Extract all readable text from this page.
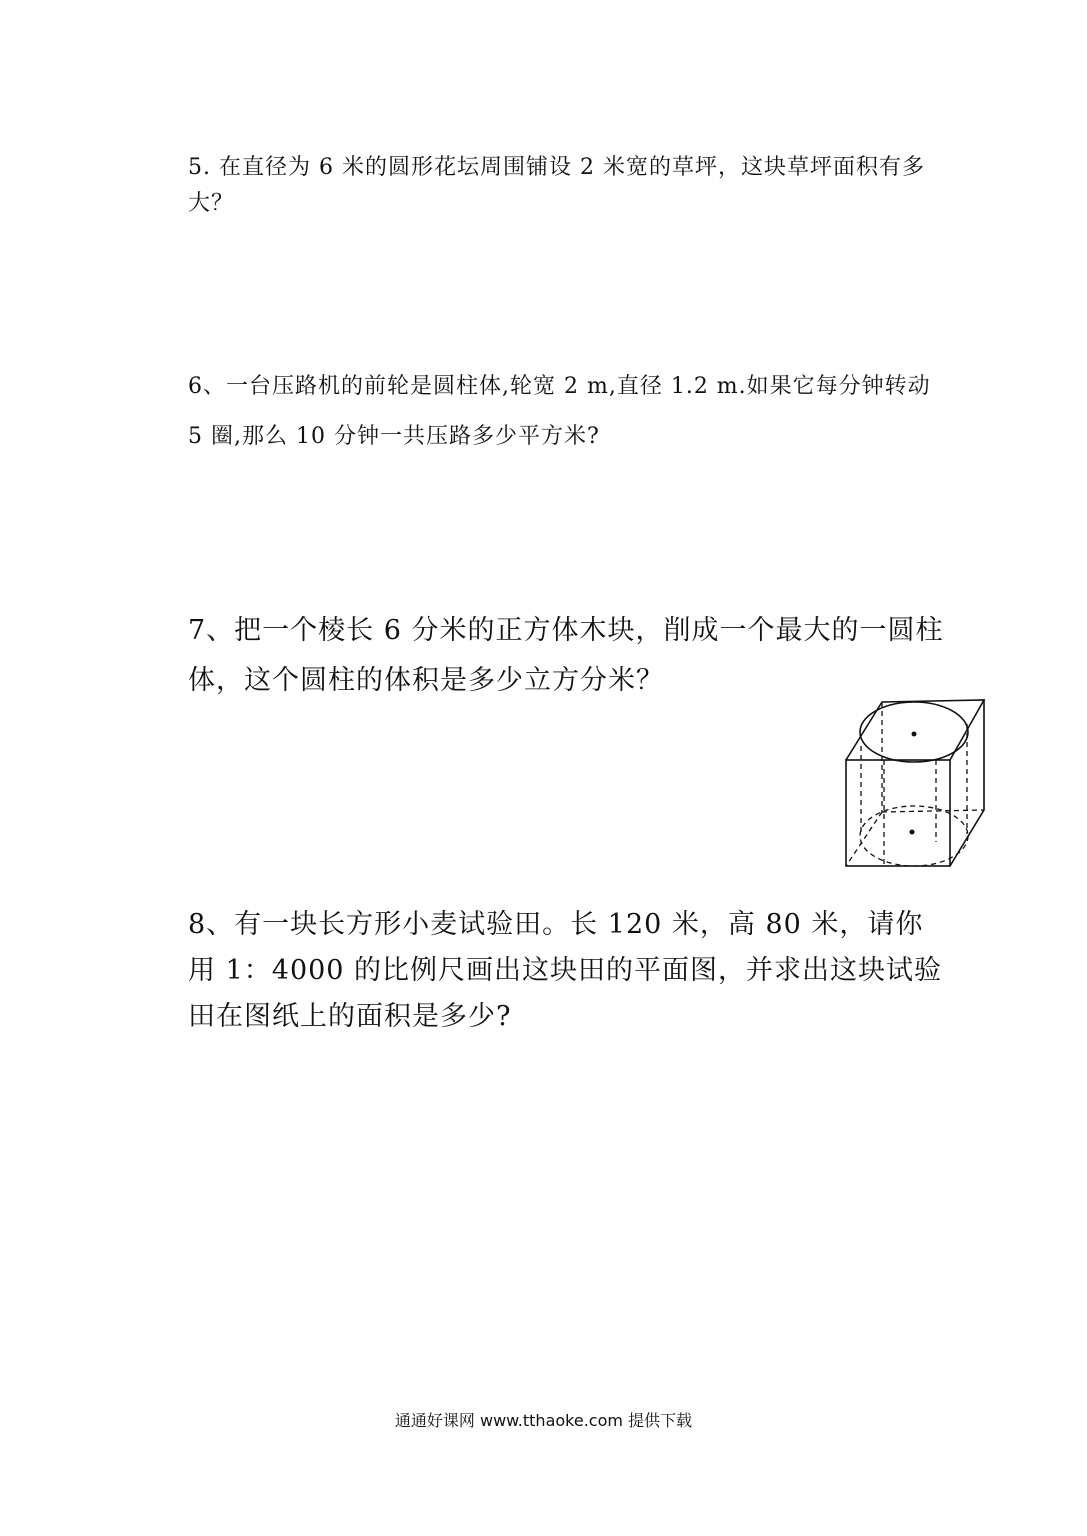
5. 在直径为 6 米的圆形花坛周围铺设 2 米宽的草坪，这块草坪面积有多大？

6、一台压路机的前轮是圆柱体,轮宽 2 m,直径 1.2 m.如果它每分钟转动 5 圈,那么 10 分钟一共压路多少平方米?

7、把一个棱长 6 分米的正方体木块，削成一个最大的一圆柱体，这个圆柱的体积是多少立方分米？

8、有一块长方形小麦试验田。长 120 米，高 80 米，请你用 1：4000 的比例尺画出这块田的平面图，并求出这块试验田在图纸上的面积是多少?

通通好课网 www.tthaoke.com 提供下载
